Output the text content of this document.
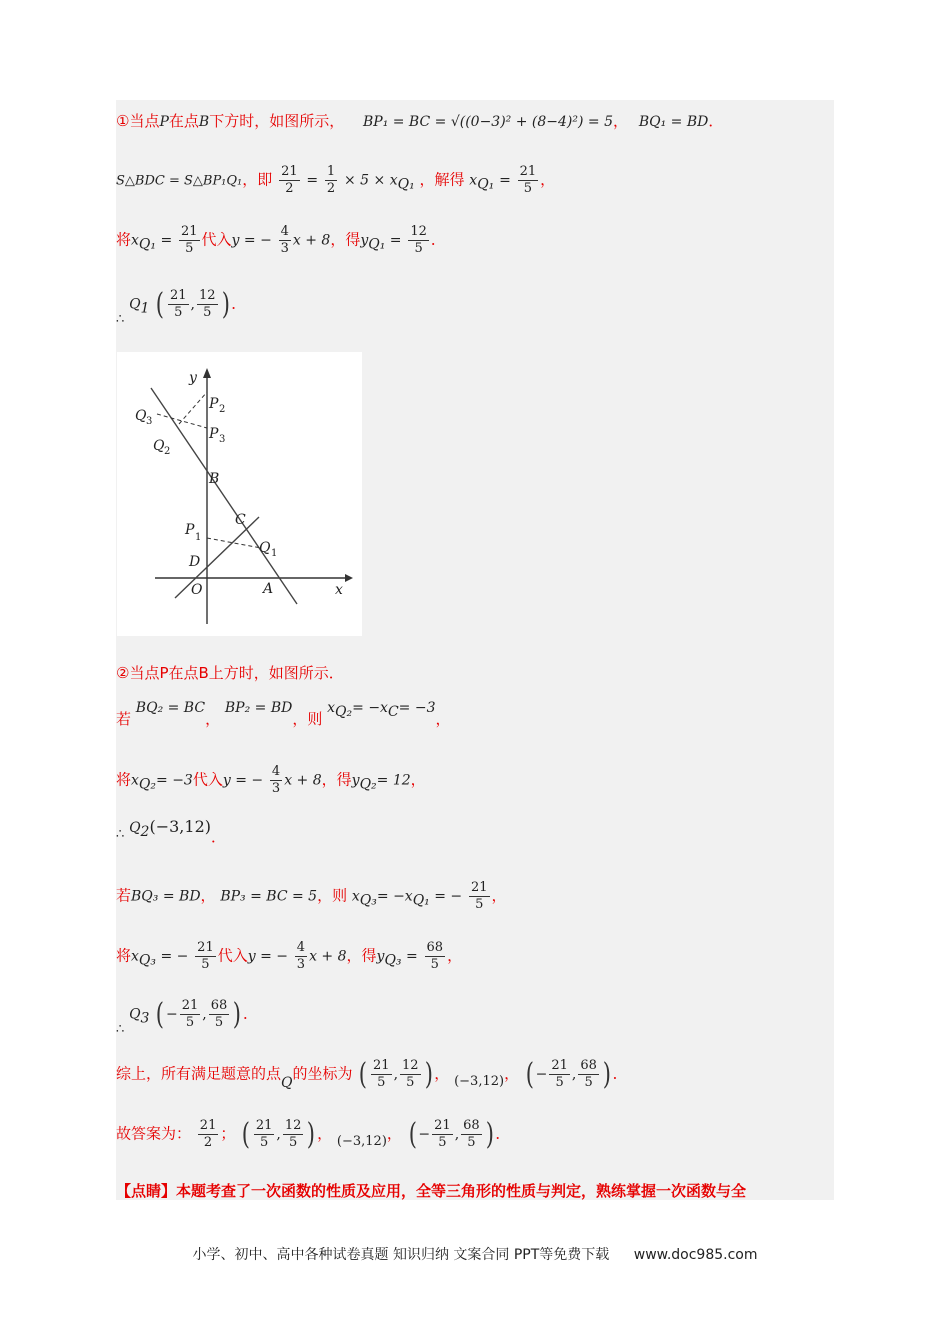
①当点P在点B下方时，如图所示， BP₁ = BC = √((0−3)² + (8−4)²) = 5， BQ₁ = BD．
S△BDC = S△BP₁Q₁，即 $\frac{21}{2} = \frac{1}{2} \times 5 \times x_{Q_1}$ ，解得 $x_{Q_1} = \frac{21}{5}$ ，
将$x_{Q_1} = \frac{21}{5}$ 代入y = − $\frac{4}{3}$ x + 8，得$y_{Q_1} = \frac{12}{5}$ ．
∴ $Q_1$ ( $\frac{21}{5}$ , $\frac{12}{5}$ ) ．
y
x
O	A
B
C
D
P 1
Q 1
P 2
P 3
Q 3
Q 2
②当点P在点B上方时，如图所示．
若 BQ₂ = BC， BP₂ = BD，则 $x_{Q_2}= -x_C= -3$，
将$x_{Q_2}= -3$代入y = − $\frac{4}{3}$ x + 8，得$y_{Q_2}= 12$，
∴ $Q_2(-3,12)$．
若BQ₃ = BD， BP₃ = BC = 5，则 $x_{Q_3}= -x_{Q_1}$ = − $\frac{21}{5}$ ，
将$x_{Q_3}$ = − $\frac{21}{5}$ 代入y = − $\frac{4}{3}$ x + 8，得$y_{Q_3} = \frac{68}{5}$ ，
∴ $Q_3$ ( − $\frac{21}{5}$ , $\frac{68}{5}$ ) ．
综上，所有满足题意的点Q的坐标为 ( $\frac{21}{5}$ , $\frac{12}{5}$ ) ， (−3,12)， ( − $\frac{21}{5}$ , $\frac{68}{5}$ ) ．
故答案为： $\frac{21}{2}$ ； ( $\frac{21}{5}$ , $\frac{12}{5}$ ) ， (−3,12)， ( − $\frac{21}{5}$ , $\frac{68}{5}$ ) ．
【点睛】本题考查了一次函数的性质及应用，全等三角形的性质与判定，熟练掌握一次函数与全
小学、初中、高中各种试卷真题 知识归纳 文案合同 PPT等免费下载 www.doc985.com
